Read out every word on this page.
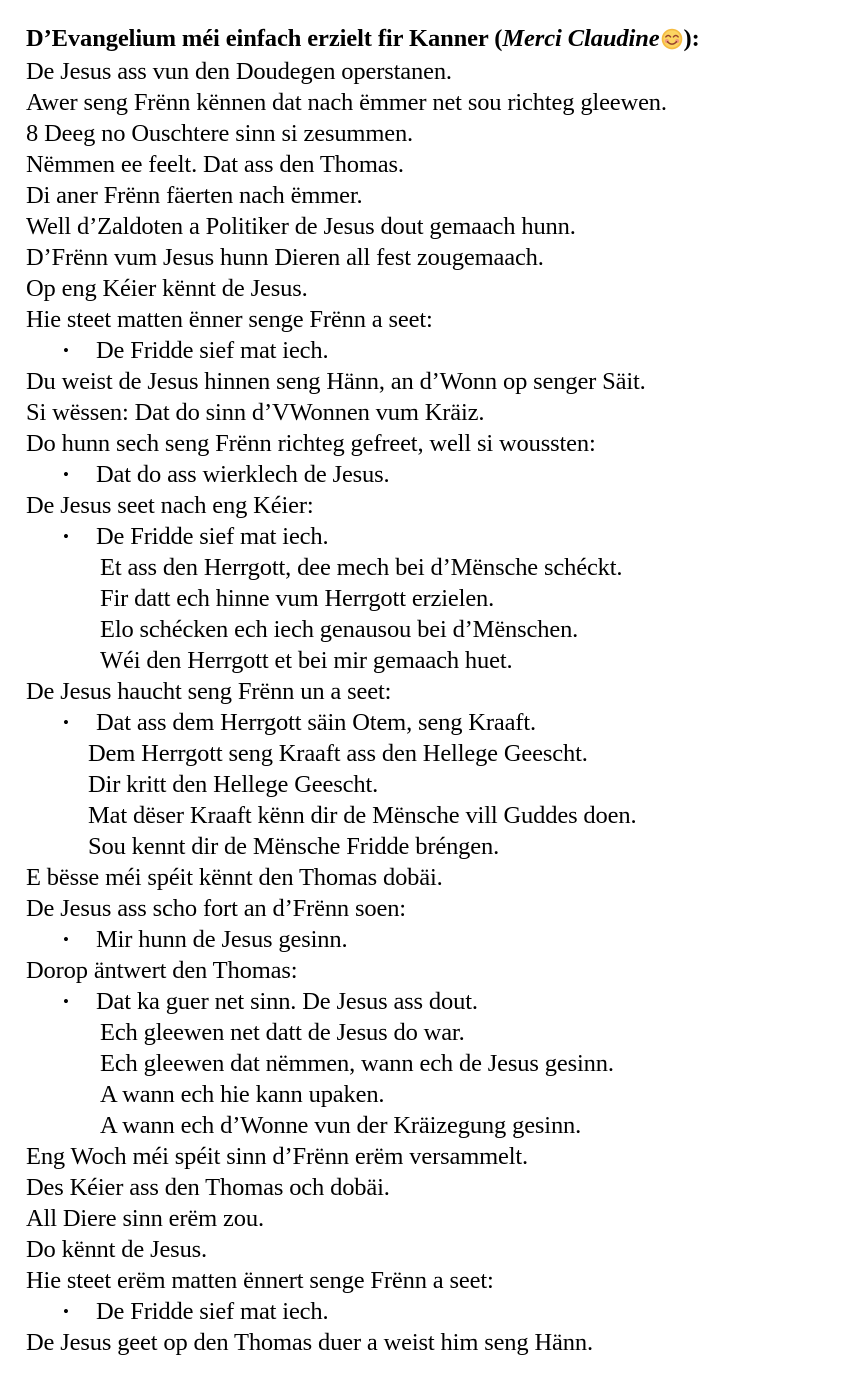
D’Evangelium méi einfach erzielt fir Kanner (Merci Claudine ):
De Jesus ass vun den Doudegen operstanen.
Awer seng Frënn kënnen dat nach ëmmer net sou richteg gleewen.
8 Deeg no Ouschtere sinn si zesummen.
Nëmmen ee feelt. Dat ass den Thomas.
Di aner Frënn fäerten nach ëmmer.
Well d’Zaldoten a Politiker de Jesus dout gemaach hunn.
D’Frënn vum Jesus hunn Dieren all fest zougemaach.
Op eng Kéier kënnt de Jesus.
Hie steet matten ënner senge Frënn a seet:
• De Fridde sief mat iech.
Du weist de Jesus hinnen seng Hänn, an d’Wonn op senger Säit.
Si wëssen: Dat do sinn d’VWonnen vum Kräiz.
Do hunn sech seng Frënn richteg gefreet, well si woussten:
• Dat do ass wierklech de Jesus.
De Jesus seet nach eng Kéier:
• De Fridde sief mat iech.
Et ass den Herrgott, dee mech bei d’Mënsche schéckt.
Fir datt ech hinne vum Herrgott erzielen.
Elo schécken ech iech genausou bei d’Mënschen.
Wéi den Herrgott et bei mir gemaach huet.
De Jesus haucht seng Frënn un a seet:
• Dat ass dem Herrgott säin Otem, seng Kraaft.
Dem Herrgott seng Kraaft ass den Hellege Geescht.
Dir kritt den Hellege Geescht.
Mat dëser Kraaft kënn dir de Mënsche vill Guddes doen.
Sou kennt dir de Mënsche Fridde bréngen.
E bësse méi spéit kënnt den Thomas dobäi.
De Jesus ass scho fort an d’Frënn soen:
• Mir hunn de Jesus gesinn.
Dorop äntwert den Thomas:
• Dat ka guer net sinn. De Jesus ass dout.
Ech gleewen net datt de Jesus do war.
Ech gleewen dat nëmmen, wann ech de Jesus gesinn.
A wann ech hie kann upaken.
A wann ech d’Wonne vun der Kräizegung gesinn.
Eng Woch méi spéit sinn d’Frënn erëm versammelt.
Des Kéier ass den Thomas och dobäi.
All Diere sinn erëm zou.
Do kënnt de Jesus.
Hie steet erëm matten ënnert senge Frënn a seet:
• De Fridde sief mat iech.
De Jesus geet op den Thomas duer a weist him seng Hänn.
